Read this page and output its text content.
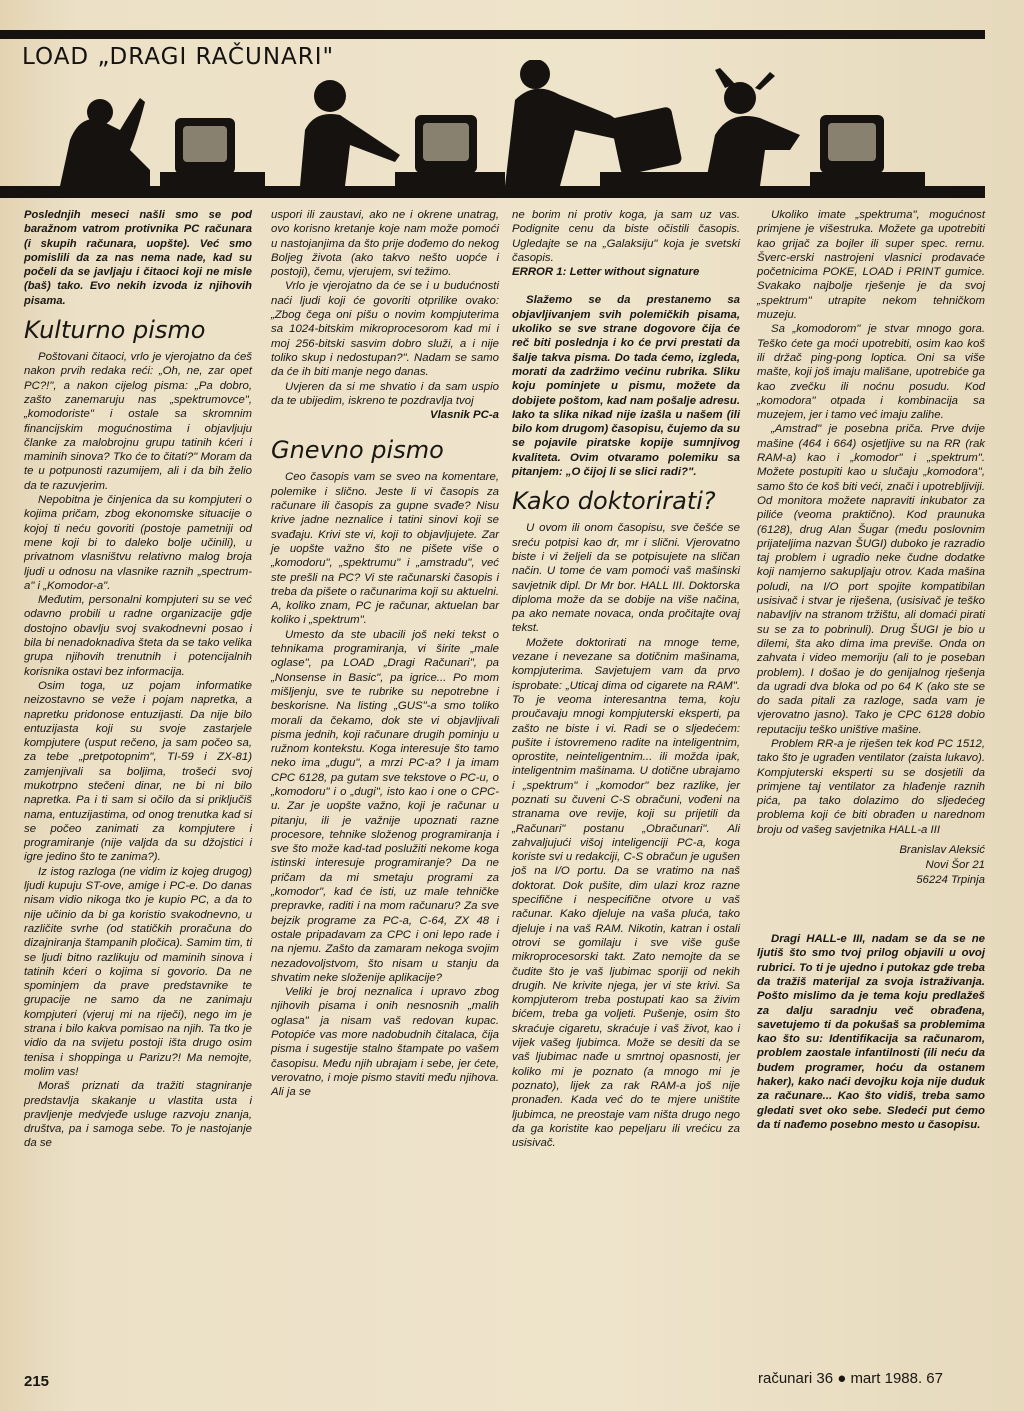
LOAD „DRAGI RAČUNARI"

Poslednjih meseci našli smo se pod baražnom vatrom protivnika PC računara (i skupih računara, uopšte). Već smo pomislili da za nas nema nade, kad su počeli da se javljaju i čitaoci koji ne misle (baš) tako. Evo nekih izvoda iz njihovih pisama.

Kulturno pismo

Poštovani čitaoci, vrlo je vjerojatno da ćeš nakon prvih redaka reći: „Oh, ne, zar opet PC?!", a nakon cijelog pisma: „Pa dobro, zašto zanemaruju nas „spektrumovce", „komodoriste" i ostale sa skromnim financijskim mogućnostima i objavljuju članke za malobrojnu grupu tatinih kćeri i maminih sinova? Tko će to čitati?" Moram da te u potpunosti razumijem, ali i da bih želio da te razuvjerim.

Nepobitna je činjenica da su kompjuteri o kojima pričam, zbog ekonomske situacije o kojoj ti neću govoriti (postoje pametniji od mene koji bi to daleko bolje učinili), u privatnom vlasništvu relativno malog broja ljudi u odnosu na vlasnike raznih „spectrum-a" i „Komodor-a".

Međutim, personalni kompjuteri su se već odavno probili u radne organizacije gdje dostojno obavlju svoj svakodnevni posao i bila bi nenadoknadiva šteta da se tako velika grupa njihovih trenutnih i potencijalnih korisnika ostavi bez informacija.

Osim toga, uz pojam informatike neizostavno se veže i pojam napretka, a napretku pridonose entuzijasti. Da nije bilo entuzijasta koji su svoje zastarjele kompjutere (usput rečeno, ja sam počeo sa, za tebe „pretpotopnim", TI-59 i ZX-81) zamjenjivali sa boljima, trošeći svoj mukotrpno stečeni dinar, ne bi ni bilo napretka. Pa i ti sam si očilo da si priključiš nama, entuzijastima, od onog trenutka kad si se počeo zanimati za kompjutere i programiranje (nije valjda da su džojstici i igre jedino što te zanima?).

Iz istog razloga (ne vidim iz kojeg drugog) ljudi kupuju ST-ove, amige i PC-e. Do danas nisam vidio nikoga tko je kupio PC, a da to nije učinio da bi ga koristio svakodnevno, u različite svrhe (od statičkih proračuna do dizajniranja štampanih pločica). Samim tim, ti se ljudi bitno razlikuju od maminih sinova i tatinih kćeri o kojima si govorio. Da ne spominjem da prave predstavnike te grupacije ne samo da ne zanimaju kompjuteri (vjeruj mi na riječi), nego im je strana i bilo kakva pomisao na njih. Ta tko je vidio da na svijetu postoji išta drugo osim tenisa i shoppinga u Parizu?! Ma nemojte, molim vas!

Moraš priznati da tražiti stagniranje predstavlja skakanje u vlastita usta i pravljenje medvjeđe usluge razvoju znanja, društva, pa i samoga sebe. To je nastojanje da se

uspori ili zaustavi, ako ne i okrene unatrag, ovo korisno kretanje koje nam može pomoći u nastojanjima da što prije dođemo do nekog Boljeg života (ako takvo nešto uopće i postoji), čemu, vjerujem, svi težimo.

Vrlo je vjerojatno da će se i u budućnosti naći ljudi koji će govoriti otprilike ovako: „Zbog čega oni pišu o novim kompjuterima sa 1024-bitskim mikroprocesorom kad mi i moj 256-bitski sasvim dobro služi, a i nije toliko skup i nedostupan?". Nadam se samo da će ih biti manje nego danas.

Uvjeren da si me shvatio i da sam uspio da te ubijedim, iskreno te pozdravlja tvoj

Vlasnik PC-a

Gnevno pismo

Ceo časopis vam se sveo na komentare, polemike i slično. Jeste li vi časopis za računare ili časopis za gupne svađe? Nisu krive jadne neznalice i tatini sinovi koji se svađaju. Krivi ste vi, koji to objavljujete. Zar je uopšte važno što ne pišete više o „komodoru", „spektrumu" i „amstradu", već ste prešli na PC? Vi ste računarski časopis i treba da pišete o računarima koji su aktuelni. A, koliko znam, PC je računar, aktuelan bar koliko i „spektrum".

Umesto da ste ubacili još neki tekst o tehnikama programiranja, vi širite „male oglase", pa LOAD „Dragi Računari", pa „Nonsense in Basic", pa igrice... Po mom mišljenju, sve te rubrike su nepotrebne i beskorisne. Na listing „GUS"-a smo toliko morali da čekamo, dok ste vi objavljivali pisma jednih, koji računare drugih pominju u ružnom kontekstu. Koga interesuje što tamo neko ima „dugu", a mrzi PC-a? I ja imam CPC 6128, pa gutam sve tekstove o PC-u, o „komodoru" i o „dugi", isto kao i one o CPC-u. Zar je uopšte važno, koji je računar u pitanju, ili je važnije upoznati razne procesore, tehnike složenog programiranja i sve što može kad-tad poslužiti nekome koga istinski interesuje programiranje? Da ne pričam da mi smetaju programi za „komodor", kad će isti, uz male tehničke prepravke, raditi i na mom računaru? Za sve bejzik programe za PC-a, C-64, ZX 48 i ostale pripadavam za CPC i oni lepo rade i na njemu. Zašto da zamaram nekoga svojim nezadovoljstvom, što nisam u stanju da shvatim neke složenije aplikacije?

Veliki je broj neznalica i upravo zbog njihovih pisama i onih nesnosnih „malih oglasa" ja nisam vaš redovan kupac. Potopiće vas more nadobudnih čitalaca, čija pisma i sugestije stalno štampate po vašem časopisu. Među njih ubrajam i sebe, jer ćete, verovatno, i moje pismo staviti među njihova. Ali ja se

ne borim ni protiv koga, ja sam uz vas. Podignite cenu da biste očistili časopis. Ugledajte se na „Galaksiju" koja je svetski časopis.

ERROR 1: Letter without signature

Slažemo se da prestanemo sa objavljivanjem svih polemičkih pisama, ukoliko se sve strane dogovore čija će reč biti poslednja i ko će prvi prestati da šalje takva pisma. Do tada ćemo, izgleda, morati da zadržimo većinu rubrika. Sliku koju pominjete u pismu, možete da dobijete poštom, kad nam pošalje adresu. Iako ta slika nikad nije izašla u našem (ili bilo kom drugom) časopisu, čujemo da su se pojavile piratske kopije sumnjivog kvaliteta. Ovim otvaramo polemiku sa pitanjem: „O čijoj li se slici radi?".

Kako doktorirati?

U ovom ili onom časopisu, sve češće se sreću potpisi kao dr, mr i slični. Vjerovatno biste i vi željeli da se potpisujete na sličan način. U tome će vam pomoći vaš mašinski savjetnik dipl. Dr Mr bor. HALL III. Doktorska diploma može da se dobije na više načina, pa ako nemate novaca, onda pročitajte ovaj tekst.

Možete doktorirati na mnoge teme, vezane i nevezane sa dotičnim mašinama, kompjuterima. Savjetujem vam da prvo isprobate: „Uticaj dima od cigarete na RAM". To je veoma interesantna tema, koju proučavaju mnogi kompjuterski eksperti, pa zašto ne biste i vi. Radi se o sljedećem: pušite i istovremeno radite na inteligentnim, oprostite, neinteligentnim... ili možda ipak, inteligentnim mašinama. U dotične ubrajamo i „spektrum" i „komodor" bez razlike, jer poznati su čuveni C-S obračuni, vođeni na stranama ove revije, koji su prijetili da „Računari" postanu „Obračunari". Ali zahvaljujući višoj inteligenciji PC-a, koga koriste svi u redakciji, C-S obračun je ugušen još na I/O portu. Da se vratimo na naš doktorat. Dok pušite, dim ulazi kroz razne specifične i nespecifične otvore u vaš računar. Kako djeluje na vaša pluća, tako djeluje i na vaš RAM. Nikotin, katran i ostali otrovi se gomilaju i sve više guše mikroprocesorski takt. Zato nemojte da se čudite što je vaš ljubimac sporiji od nekih drugih. Ne krivite njega, jer vi ste krivi. Sa kompjuterom treba postupati kao sa živim bićem, treba ga voljeti. Pušenje, osim što skraćuje cigaretu, skraćuje i vaš život, kao i vijek vašeg ljubimca. Može se desiti da se vaš ljubimac nađe u smrtnoj opasnosti, jer koliko mi je poznato (a mnogo mi je poznato), lijek za rak RAM-a još nije pronađen. Kada već do te mjere uništite ljubimca, ne preostaje vam ništa drugo nego da ga koristite kao pepeljaru ili vrećicu za usisivač.

Ukoliko imate „spektruma", mogućnost primjene je višestruka. Možete ga upotrebiti kao grijač za bojler ili super spec. rernu. Šverc-erski nastrojeni vlasnici prodavaće početnicima POKE, LOAD i PRINT gumice. Svakako najbolje rješenje je da svoj „spektrum" utrapite nekom tehničkom muzeju.

Sa „komodorom" je stvar mnogo gora. Teško ćete ga moći upotrebiti, osim kao koš ili držač ping-pong loptica. Oni sa više mašte, koji još imaju mališane, upotrebiće ga kao zvečku ili noćnu posudu. Kod „komodora" otpada i kombinacija sa muzejem, jer i tamo već imaju zalihe.

„Amstrad" je posebna priča. Prve dvije mašine (464 i 664) osjetljive su na RR (rak RAM-a) kao i „komodor" i „spektrum". Možete postupiti kao u slučaju „komodora", samo što će koš biti veći, znači i upotrebljiviji. Od monitora možete napraviti inkubator za piliće (veoma praktično). Kod praunuka (6128), drug Alan Šugar (među poslovnim prijateljima nazvan ŠUGI) duboko je razradio taj problem i ugradio neke čudne dodatke koji namjerno sakupljaju otrov. Kada mašina poludi, na I/O port spojite kompatibilan usisivač i stvar je riješena, (usisivač je teško nabavljiv na stranom tržištu, ali domaći pirati su se za to pobrinuli). Drug ŠUGI je bio u dilemi, šta ako dima ima previše. Onda on zahvata i video memoriju (ali to je poseban problem). I došao je do genijalnog rješenja da ugradi dva bloka od po 64 K (ako ste se do sada pitali za razloge, sada vam je vjerovatno jasno). Tako je CPC 6128 dobio reputaciju teško uništive mašine.

Problem RR-a je riješen tek kod PC 1512, tako što je ugrađen ventilator (zaista lukavo). Kompjuterski eksperti su se dosjetili da primjene taj ventilator za hlađenje raznih pića, pa tako dolazimo do sljedećeg problema koji će biti obrađen u narednom broju od vašeg savjetnika HALL-a III

Branislav Aleksić

Novi Šor 21

56224 Trpinja

Dragi HALL-e III, nadam se da se ne ljutiš što smo tvoj prilog objavili u ovoj rubrici. To ti je ujedno i putokaz gde treba da tražiš materijal za svoja istraživanja. Pošto mislimo da je tema koju predlažeš za dalju saradnju več obrađena, savetujemo ti da pokušaš sa problemima kao što su: Identifikacija sa računarom, problem zaostale infantilnosti (ili neću da budem programer, hoću da ostanem haker), kako naći devojku koja nije duduk za računare... Kao što vidiš, treba samo gledati svet oko sebe. Sledeći put ćemo da ti nađemo posebno mesto u časopisu.

215	računari 36 ● mart 1988. 67
